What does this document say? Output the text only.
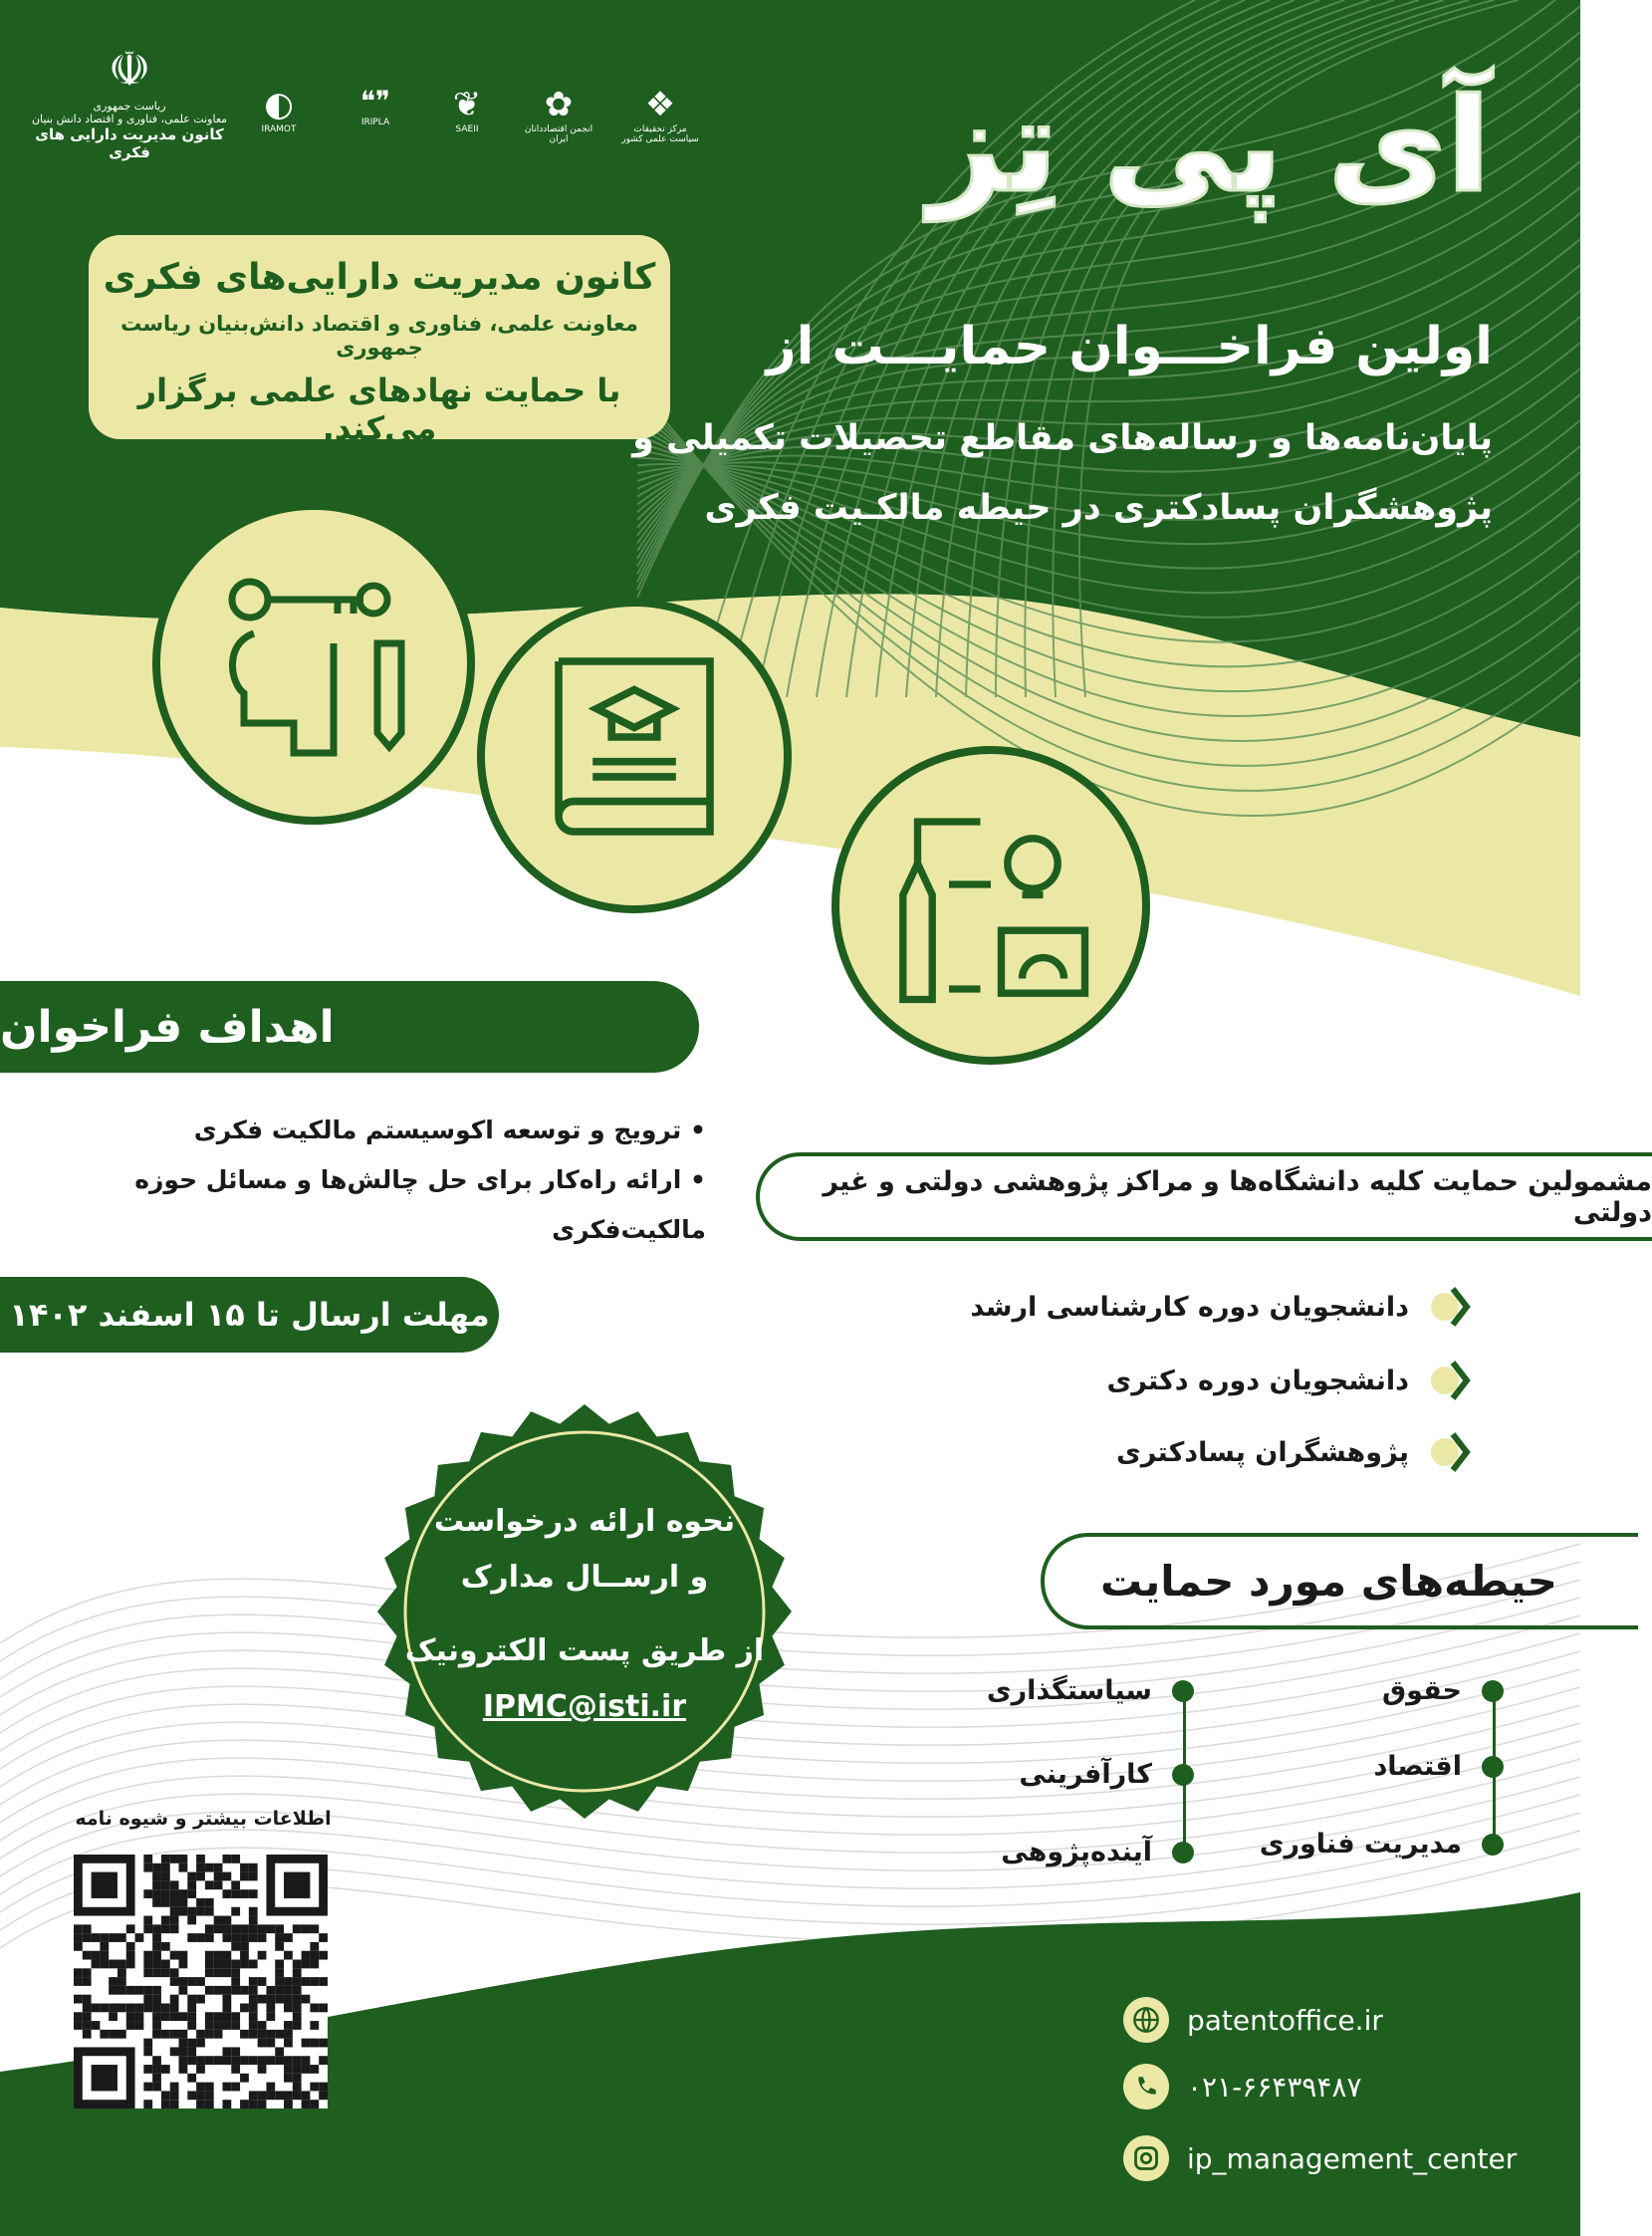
☫
ریاست جمهوری
معاونت علمی، فناوری و اقتصاد دانش بنیان
کانون مدیریت دارایی های فکری
◐
IRAMOT
❝❞
IRIPLA	❦
SAEII
✿
انجمن اقتصاددانان ایران
❖
مرکز تحقیقات سیاست علمی کشور آی پی تِز
کانون مدیریت دارایی‌های فکری
معاونت علمی، فناوری و اقتصاد دانش‌بنیان ریاست جمهوری
با حمایت نهادهای علمی برگزار می‌کند.
اولین فراخـــوان حمایـــت از
پایان‌نامه‌ها و رساله‌های مقاطع تحصیلات تکمیلی و
پژوهشگران پسادکتری در حیطه مالکـیت فکری
اهداف فراخوان
• ترویج و توسعه اکوسیستم مالکیت فکری
• ارائه راه‌کار برای حل چالش‌ها و مسائل حوزه مالکیت‌فکری
مشمولین حمایت کلیه دانشگاه‌ها و مراکز پژوهشی دولتی و غیر دولتی
مهلت ارسال تا ۱۵ اسفند ۱۴۰۲	دانشجویان دوره کارشناسی ارشد
دانشجویان دوره دکتری
پژوهشگران پسادکتری
نحوه ارائه درخواست
و ارســال مدارک
از طریق پست الکترونیک
IPMC@isti.ir
حیطه‌های مورد حمایت
حقوق
اقتصاد
مدیریت فناوری
سیاستگذاری
کارآفرینی
آینده‌پژوهی
اطلاعات بیشتر و شیوه نامه
patentoffice.ir
۰۲۱-۶۶۴۳۹۴۸۷
ip_management_center
